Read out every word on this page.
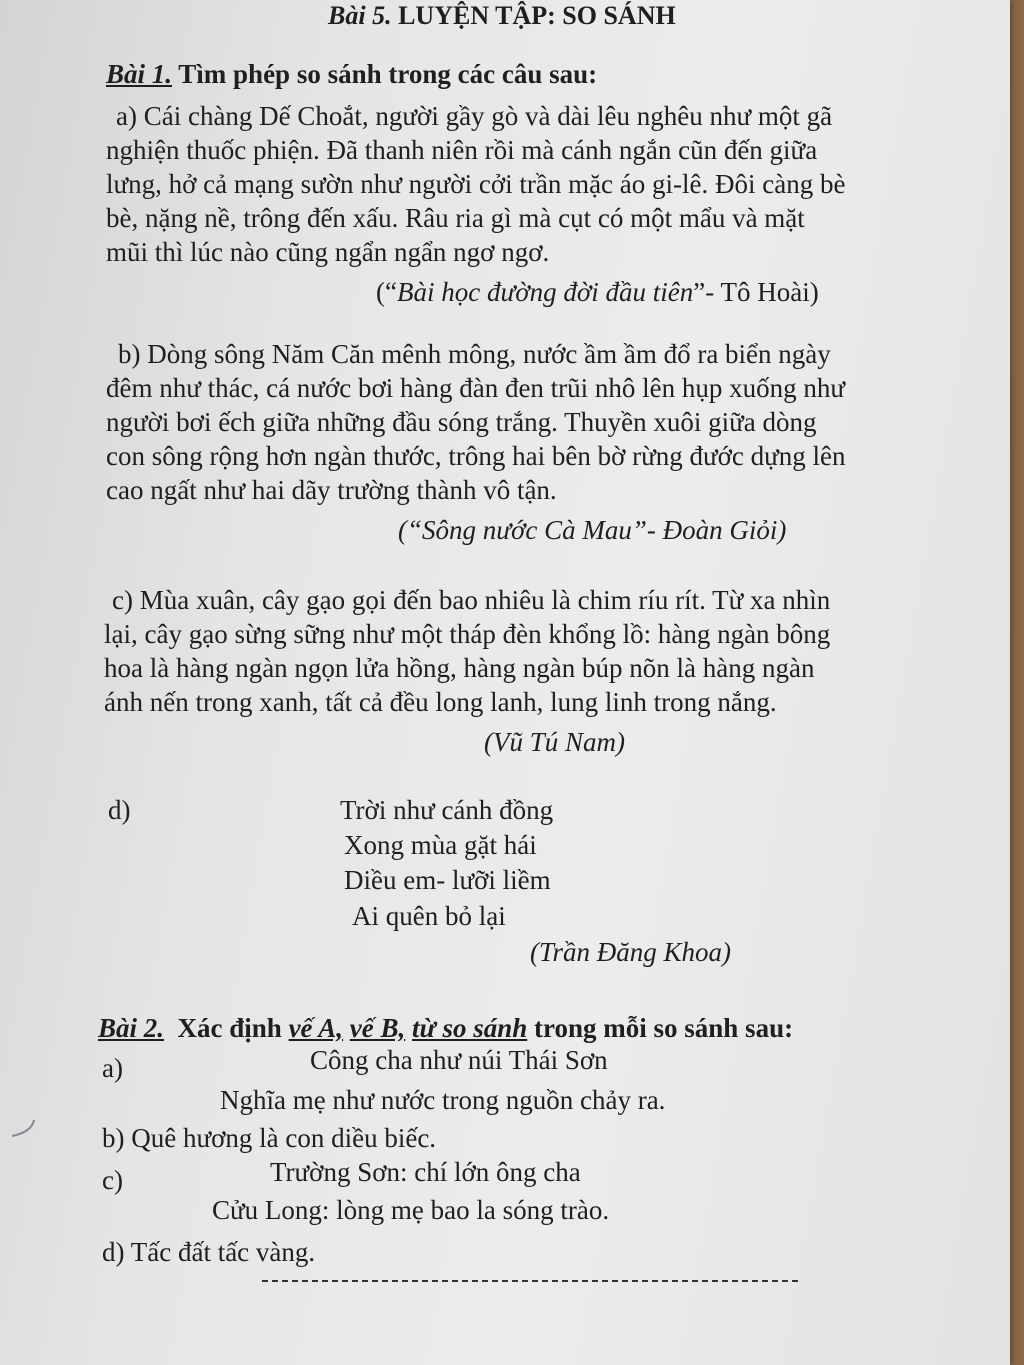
Bài 5. LUYỆN TẬP: SO SÁNH
Bài 1. Tìm phép so sánh trong các câu sau:
a) Cái chàng Dế Choắt, người gầy gò và dài lêu nghêu như một gã
nghiện thuốc phiện. Đã thanh niên rồi mà cánh ngắn cũn đến giữa
lưng, hở cả mạng sườn như người cởi trần mặc áo gi-lê. Đôi càng bè
bè, nặng nề, trông đến xấu. Râu ria gì mà cụt có một mẩu và mặt
mũi thì lúc nào cũng ngẩn ngẩn ngơ ngơ.
(“Bài học đường đời đầu tiên”- Tô Hoài)
b) Dòng sông Năm Căn mênh mông, nước ầm ầm đổ ra biển ngày
đêm như thác, cá nước bơi hàng đàn đen trũi nhô lên hụp xuống như
người bơi ếch giữa những đầu sóng trắng. Thuyền xuôi giữa dòng
con sông rộng hơn ngàn thước, trông hai bên bờ rừng đước dựng lên
cao ngất như hai dãy trường thành vô tận.
(“Sông nước Cà Mau”- Đoàn Giỏi)
c) Mùa xuân, cây gạo gọi đến bao nhiêu là chim ríu rít. Từ xa nhìn
lại, cây gạo sừng sững như một tháp đèn khổng lồ: hàng ngàn bông
hoa là hàng ngàn ngọn lửa hồng, hàng ngàn búp nõn là hàng ngàn
ánh nến trong xanh, tất cả đều long lanh, lung linh trong nắng.
(Vũ Tú Nam)
d)	Trời như cánh đồng
Xong mùa gặt hái
Diều em- lưỡi liềm
Ai quên bỏ lại
(Trần Đăng Khoa)
Bài 2. Xác định vế A, vế B, từ so sánh trong mỗi so sánh sau:
a)	Công cha như núi Thái Sơn
Nghĩa mẹ như nước trong nguồn chảy ra.
b) Quê hương là con diều biếc.
c)	Trường Sơn: chí lớn ông cha
Cửu Long: lòng mẹ bao la sóng trào.
d) Tấc đất tấc vàng.
